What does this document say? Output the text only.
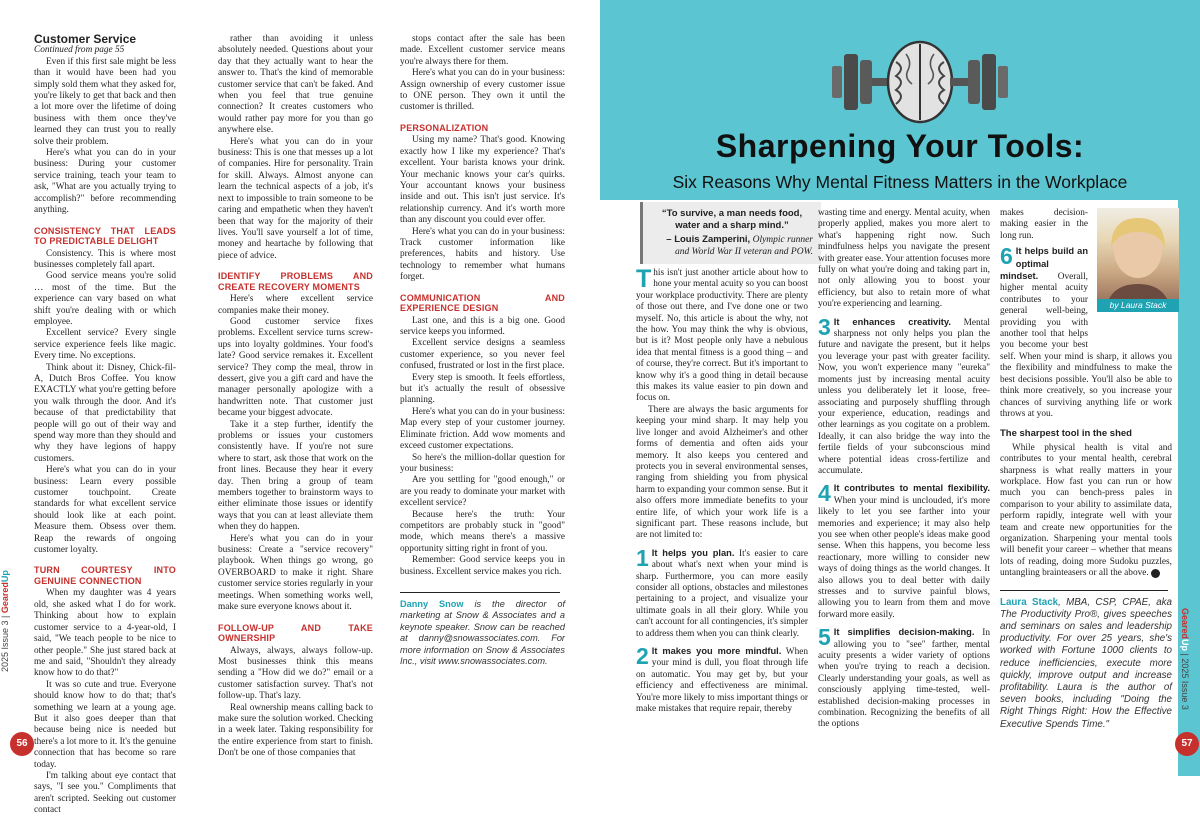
Customer Service

Continued from page 55

Even if this first sale might be less than it would have been had you simply sold them what they asked for, you're likely to get that back and then a lot more over the lifetime of doing business with them once they've learned they can trust you to really solve their problem.

Here's what you can do in your business: During your customer service training, teach your team to ask, "What are you actually trying to accomplish?" before recommending anything.

CONSISTENCY THAT LEADS TO PREDICTABLE DELIGHT

Consistency. This is where most businesses completely fall apart.

Good service means you're solid … most of the time. But the experience can vary based on what shift you're dealing with or which employee.

Excellent service? Every single service experience feels like magic. Every time. No exceptions.

Think about it: Disney, Chick-fil-A, Dutch Bros Coffee. You know EXACTLY what you're getting before you walk through the door. And it's because of that predictability that people will go out of their way and spend way more than they should and why they have legions of happy customers.

Here's what you can do in your business: Learn every possible customer touchpoint. Create standards for what excellent service should look like at each point. Measure them. Obsess over them. Reap the rewards of ongoing customer loyalty.

TURN COURTESY INTO GENUINE CONNECTION

When my daughter was 4 years old, she asked what I do for work. Thinking about how to explain customer service to a 4-year-old, I said, "We teach people to be nice to other people." She just stared back at me and said, "Shouldn't they already know how to do that?"

It was so cute and true. Everyone should know how to do that; that's something we learn at a young age. But it also goes deeper than that because being nice is needed but there's a lot more to it. It's the genuine connection that has become so rare today.

I'm talking about eye contact that says, "I see you." Compliments that aren't scripted. Seeking out customer contact

rather than avoiding it unless absolutely needed. Questions about your day that they actually want to hear the answer to. That's the kind of memorable customer service that can't be faked. And when you feel that true genuine connection? It creates customers who would rather pay more for you than go anywhere else.

Here's what you can do in your business: This is one that messes up a lot of companies. Hire for personality. Train for skill. Always. Almost anyone can learn the technical aspects of a job, it's next to impossible to train someone to be caring and empathetic when they haven't been that way for the majority of their lives. You'll save yourself a lot of time, money and heartache by following that piece of advice.

IDENTIFY PROBLEMS AND CREATE RECOVERY MOMENTS

Here's where excellent service companies make their money.

Good customer service fixes problems. Excellent service turns screw-ups into loyalty goldmines. Your food's late? Good service remakes it. Excellent service? They comp the meal, throw in dessert, give you a gift card and have the manager personally apologize with a handwritten note. That customer just became your biggest advocate.

Take it a step further, identify the problems or issues your customers consistently have. If you're not sure where to start, ask those that work on the front lines. Because they hear it every day. Then bring a group of team members together to brainstorm ways to either eliminate those issues or identify ways that you can at least alleviate them when they do happen.

Here's what you can do in your business: Create a "service recovery" playbook. When things go wrong, go OVERBOARD to make it right. Share customer service stories regularly in your meetings. When something works well, make sure everyone knows about it.

FOLLOW-UP AND TAKE OWNERSHIP

Always, always, always follow-up. Most businesses think this means sending a "How did we do?" email or a customer satisfaction survey. That's not follow-up. That's lazy.

Real ownership means calling back to make sure the solution worked. Checking in a week later. Taking responsibility for the entire experience from start to finish. Don't be one of those companies that

stops contact after the sale has been made. Excellent customer service means you're always there for them.

Here's what you can do in your business: Assign ownership of every customer issue to ONE person. They own it until the customer is thrilled.

PERSONALIZATION

Using my name? That's good. Knowing exactly how I like my experience? That's excellent. Your barista knows your drink. Your mechanic knows your car's quirks. Your accountant knows your business inside and out. This isn't just service. It's relationship currency. And it's worth more than any discount you could ever offer.

Here's what you can do in your business: Track customer information like preferences, habits and history. Use technology to remember what humans forget.

COMMUNICATION AND EXPERIENCE DESIGN

Last one, and this is a big one. Good service keeps you informed.

Excellent service designs a seamless customer experience, so you never feel confused, frustrated or lost in the first place.

Every step is smooth. It feels effortless, but it's actually the result of obsessive planning.

Here's what you can do in your business: Map every step of your customer journey. Eliminate friction. Add wow moments and exceed customer expectations.

So here's the million-dollar question for your business:

Are you settling for "good enough," or are you ready to dominate your market with excellent service?

Because here's the truth: Your competitors are probably stuck in "good" mode, which means there's a massive opportunity sitting right in front of you.

Remember: Good service keeps you in business. Excellent service makes you rich.

Danny Snow is the director of marketing at Snow & Associates and a keynote speaker. Snow can be reached at danny@snowassociates.com. For more information on Snow & Associates Inc., visit www.snowassociates.com.
56
2025 Issue 3 | GearedUp
“To survive, a man needs food, water and a sharp mind.”
– Louis Zamperini, Olympic runner and World War II veteran and POW.

This isn't just another article about how to hone your mental acuity so you can boost your workplace productivity. There are plenty of those out there, and I've done one or two myself. No, this article is about the why, not the how. You may think the why is obvious, but is it? Most people only have a nebulous idea that mental fitness is a good thing – and of course, they're correct. But it's important to know why it's a good thing in detail because this makes its value easier to pin down and focus on.

There are always the basic arguments for keeping your mind sharp. It may help you live longer and avoid Alzheimer's and other forms of dementia and often aids your memory. It also keeps you centered and protects you in several environmental senses, ranging from shielding you from physical harm to expanding your common sense. But it also offers more immediate benefits to your entire life, of which your work life is a significant part. These reasons include, but are not limited to:

1 It helps you plan. It's easier to care about what's next when your mind is sharp. Furthermore, you can more easily consider all options, obstacles and milestones pertaining to a project, and visualize your ultimate goals in all their glory. While you can't account for all contingencies, it's simpler to address them when you can think clearly.

2 It makes you more mindful. When your mind is dull, you float through life on automatic. You may get by, but your efficiency and effectiveness are minimal. You're more likely to miss important things or make mistakes that require repair, thereby

wasting time and energy. Mental acuity, when properly applied, makes you more alert to what's happening right now. Such mindfulness helps you navigate the present with greater ease. Your attention focuses more fully on what you're doing and taking part in, not only allowing you to boost your efficiency, but also to retain more of what you're experiencing and learning.

3 It enhances creativity. Mental sharpness not only helps you plan the future and navigate the present, but it helps you leverage your past with greater facility. Now, you won't experience many "eureka" moments just by increasing mental acuity unless you deliberately let it loose, free-associating and purposely shuffling through your experience, education, readings and other learnings as you cogitate on a problem. Ideally, it can also bridge the way into the fertile fields of your subconscious mind where potential ideas cross-fertilize and accumulate.

4 It contributes to mental flexibility. When your mind is unclouded, it's more likely to let you see farther into your memories and experience; it may also help you see when other people's ideas make good sense. When this happens, you become less reactionary, more willing to consider new ways of doing things as the world changes. It also allows you to deal better with daily stresses and to survive painful blows, allowing you to learn from them and move forward more easily.

5 It simplifies decision-making. In allowing you to "see" farther, mental acuity presents a wider variety of options when you're trying to reach a decision. Clearly understanding your goals, as well as consciously applying time-tested, well-established decision-making processes in combination. Recognizing the benefits of all the options

makes decision-making easier in the long run.

6 It helps build an optimal mindset. Overall, higher mental acuity contributes to your general well-being, providing you with another tool that helps you become your best self. When your mind is sharp, it allows you the flexibility and mindfulness to make the best decisions possible. You'll also be able to think more creatively, so you increase your chances of surviving anything life or work throws at you.

The sharpest tool in the shed

While physical health is vital and contributes to your mental health, cerebral sharpness is what really matters in your workplace. How fast you can run or how much you can bench-press pales in comparison to your ability to assimilate data, perform rapidly, integrate well with your team and create new opportunities for the organization. Sharpening your mental tools will benefit your career – whether that means lots of reading, doing more Sudoku puzzles, untangling brainteasers or all the above.

Laura Stack, MBA, CSP, CPAE, aka The Productivity Pro®, gives speeches and seminars on sales and leadership productivity. For over 25 years, she's worked with Fortune 1000 clients to reduce inefficiencies, execute more quickly, improve output and increase profitability. Laura is the author of seven books, including "Doing the Right Things Right: How the Effective Executive Spends Time."
57
GearedUp | 2025 Issue 3
Sharpening Your Tools:
Six Reasons Why Mental Fitness Matters in the Workplace
by Laura Stack
